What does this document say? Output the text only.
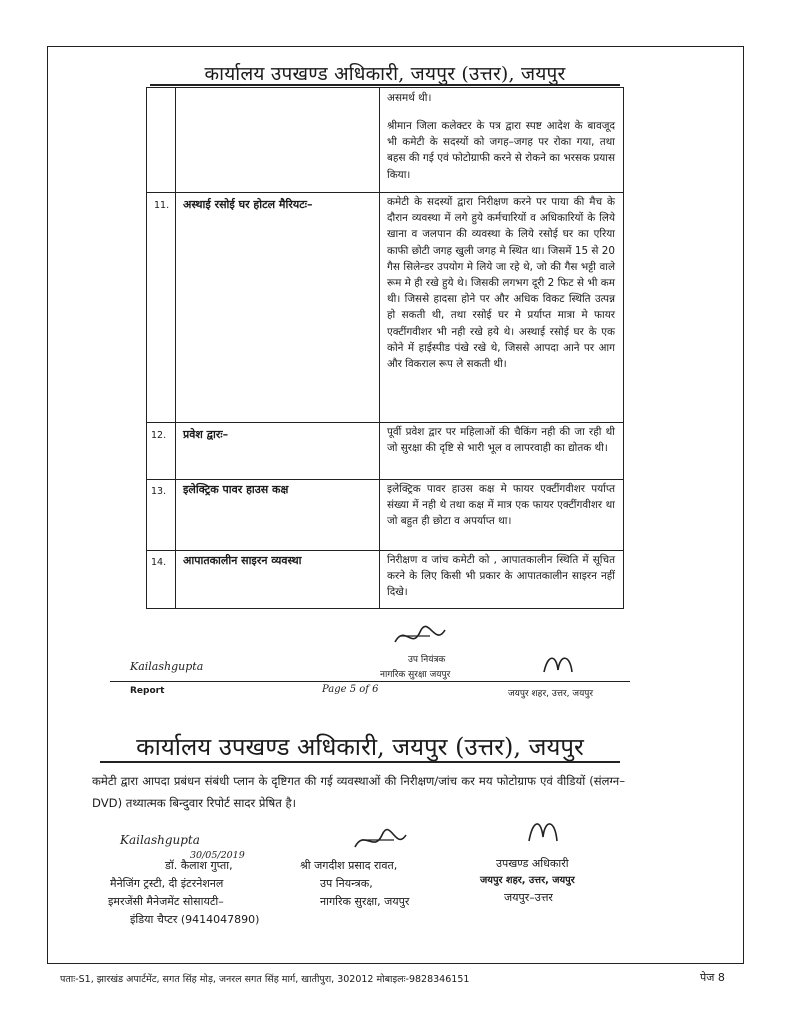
कार्यालय उपखण्ड अधिकारी, जयपुर (उत्तर), जयपुर
असमर्थ थी।
श्रीमान जिला कलेक्टर के पत्र द्वारा स्पष्ट आदेश के बावजूद भी कमेटी के सदस्यों को जगह–जगह पर रोका गया, तथा बहस की गई एवं फोटोग्राफी करने से रोकने का भरसक प्रयास किया।
11. अस्थाई रसोई घर होटल मैरियटः–	कमेटी के सदस्यों द्वारा निरीक्षण करने पर पाया की मैच के दौरान व्यवस्था में लगे हुये कर्मचारियों व अधिकारियों के लिये खाना व जलपान की व्यवस्था के लिये रसोई घर का एरिया काफी छोटी जगह खुली जगह मे स्थित था। जिसमें 15 से 20 गैस सिलेन्डर उपयोग मे लिये जा रहे थे, जो की गैस भट्टी वाले रूम मे ही रखे हुये थे। जिसकी लगभग दूरी 2 फिट से भी कम थी। जिससे हादसा होने पर और अधिक विकट स्थिति उत्पन्न हो सकती थी, तथा रसोई घर मे प्रर्याप्त मात्रा मे फायर एक्टींगवीशर भी नही रखे हये थे। अस्थाई रसोई घर के एक कोने में हाईस्पीड पंखे रखे थे, जिससे आपदा आने पर आग और विकराल रूप ले सकती थी।
12. प्रवेश द्वारः–	पूर्वी प्रवेश द्वार पर महिलाओं की चैकिंग नही की जा रही थी जो सुरक्षा की दृष्टि से भारी भूल व लापरवाही का द्योतक थी।
13. इलेक्ट्रिक पावर हाउस कक्ष	इलेक्ट्रिक पावर हाउस कक्ष मे फायर एक्टींगवीशर पर्याप्त संख्या में नही थे तथा कक्ष में मात्र एक फायर एक्टींगवीशर था जो बहुत ही छोटा व अपर्याप्त था।
14. आपातकालीन साइरन व्यवस्था	निरीक्षण व जांच कमेटी को , आपातकालीन स्थिति में सूचित करने के लिए किसी भी प्रकार के आपातकालीन साइरन नहीं दिखे।
Kailashgupta	उप नियंत्रक
नागरिक सुरक्षा जयपुर
Report	Page 5 of 6	जयपुर शहर, उत्तर, जयपुर
कार्यालय उपखण्ड अधिकारी, जयपुर (उत्तर), जयपुर
कमेटी द्वारा आपदा प्रबंधन संबंधी प्लान के दृष्टिगत की गई व्यवस्थाओं की निरीक्षण/जांच कर मय फोटोग्राफ एवं वीडियों (संलग्न–DVD) तथ्यात्मक बिन्दुवार रिपोर्ट सादर प्रेषित है।
Kailashgupta
30/05/2019
डॉ. कैलाश गुप्ता,
मैनेजिंग ट्रस्टी, दी इंटरनेशनल
इमरजेंसी मैनेजमेंट सोसायटी–
इंडिया चैप्टर (9414047890)
श्री जगदीश प्रसाद रावत,
उप नियन्त्रक,
नागरिक सुरक्षा, जयपुर
उपखण्ड अधिकारी
जयपुर शहर, उत्तर, जयपुर
जयपुर–उत्तर
पताः-S1, झारखंड अपार्टमेंट, सगत सिंह मोड़, जनरल सगत सिंह मार्ग, खातीपुरा, 302012 मोबाइलः-9828346151	पेज 8
